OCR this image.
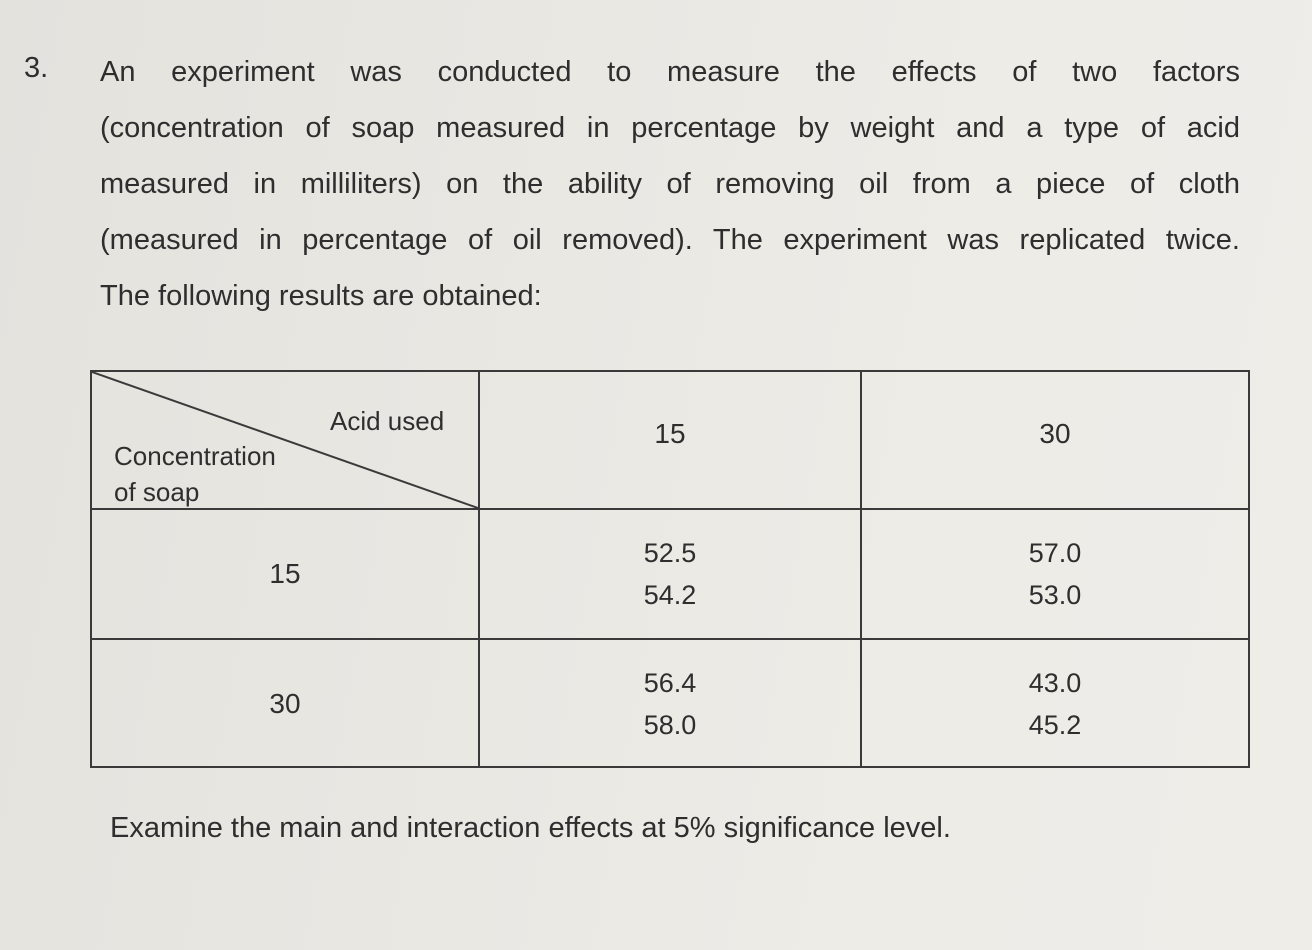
3. An experiment was conducted to measure the effects of two factors
(concentration of soap measured in percentage by weight and a type of acid
measured in milliliters) on the ability of removing oil from a piece of cloth
(measured in percentage of oil removed). The experiment was replicated twice.
The following results are obtained:
Acid used
Concentration
of soap
15	30
15
52.5
54.2
57.0
53.0
30
56.4
58.0
43.0
45.2
Examine the main and interaction effects at 5% significance level.
